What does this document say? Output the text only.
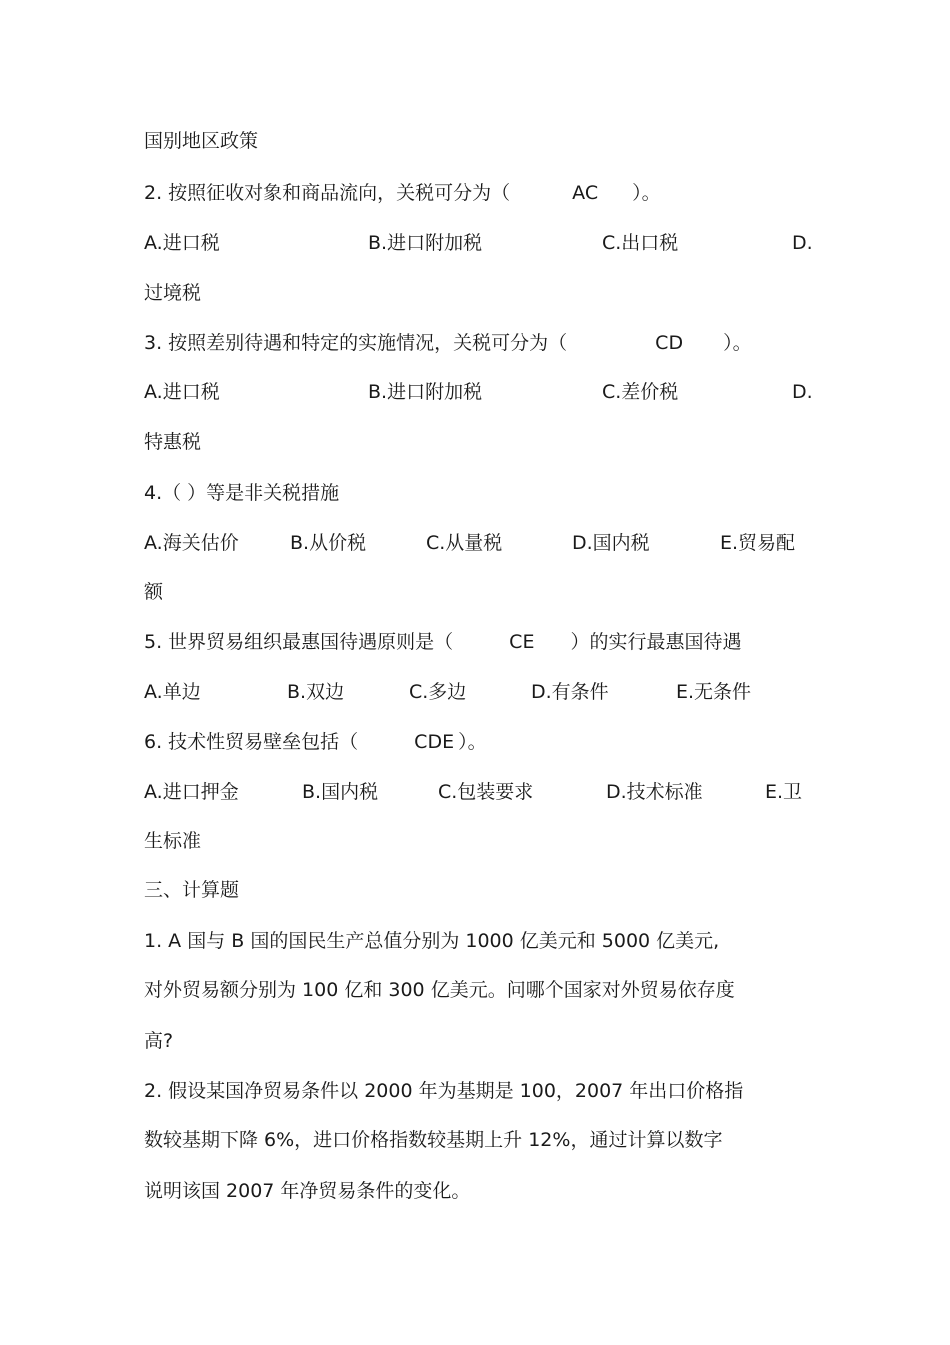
国别地区政策
2. 按照征收对象和商品流向，关税可分为（	AC ）。
A.进口税	B.进口附加税	C.出口税	D.
过境税
3. 按照差别待遇和特定的实施情况，关税可分为（	CD ）。
A.进口税	B.进口附加税	C.差价税	D.
特惠税
4.（ ）等是非关税措施
A.海关估价	B.从价税	C.从量税	D.国内税	E.贸易配
额
5. 世界贸易组织最惠国待遇原则是（	CE ）的实行最惠国待遇
A.单边	B.双边	C.多边	D.有条件	E.无条件
6. 技术性贸易壁垒包括（	CDE ）。
A.进口押金	B.国内税	C.包装要求	D.技术标准	E.卫
生标准
三、计算题
1. A 国与 B 国的国民生产总值分别为 1000 亿美元和 5000 亿美元,
对外贸易额分别为 100 亿和 300 亿美元。问哪个国家对外贸易依存度
高?
2. 假设某国净贸易条件以 2000 年为基期是 100，2007 年出口价格指
数较基期下降 6%，进口价格指数较基期上升 12%，通过计算以数字
说明该国 2007 年净贸易条件的变化。
